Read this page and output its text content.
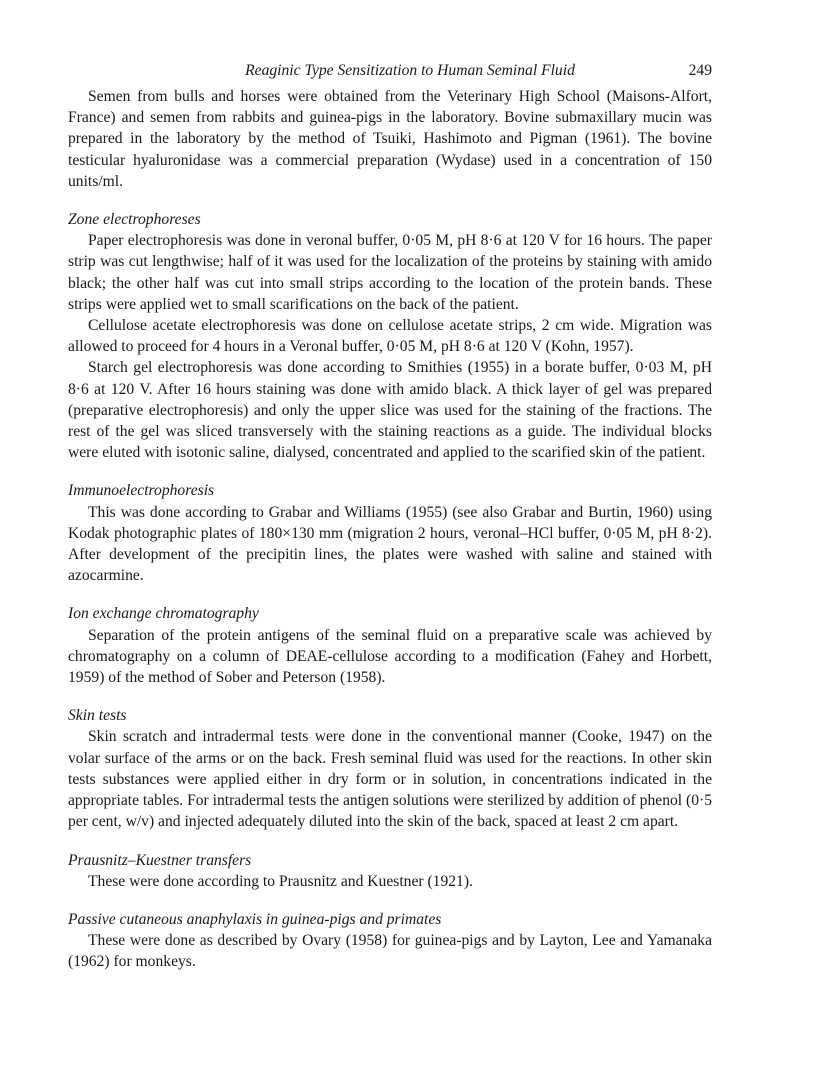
Reaginic Type Sensitization to Human Seminal Fluid	249

Semen from bulls and horses were obtained from the Veterinary High School (Maisons-Alfort, France) and semen from rabbits and guinea-pigs in the laboratory. Bovine submaxillary mucin was prepared in the laboratory by the method of Tsuiki, Hashimoto and Pigman (1961). The bovine testicular hyaluronidase was a commercial preparation (Wydase) used in a concentration of 150 units/ml.

Zone electrophoreses

Paper electrophoresis was done in veronal buffer, 0·05 M, pH 8·6 at 120 V for 16 hours. The paper strip was cut lengthwise; half of it was used for the localization of the proteins by staining with amido black; the other half was cut into small strips according to the location of the protein bands. These strips were applied wet to small scarifications on the back of the patient.

Cellulose acetate electrophoresis was done on cellulose acetate strips, 2 cm wide. Migration was allowed to proceed for 4 hours in a Veronal buffer, 0·05 M, pH 8·6 at 120 V (Kohn, 1957).

Starch gel electrophoresis was done according to Smithies (1955) in a borate buffer, 0·03 M, pH 8·6 at 120 V. After 16 hours staining was done with amido black. A thick layer of gel was prepared (preparative electrophoresis) and only the upper slice was used for the staining of the fractions. The rest of the gel was sliced transversely with the staining reactions as a guide. The individual blocks were eluted with isotonic saline, dialysed, concentrated and applied to the scarified skin of the patient.

Immunoelectrophoresis

This was done according to Grabar and Williams (1955) (see also Grabar and Burtin, 1960) using Kodak photographic plates of 180×130 mm (migration 2 hours, veronal–HCl buffer, 0·05 M, pH 8·2). After development of the precipitin lines, the plates were washed with saline and stained with azocarmine.

Ion exchange chromatography

Separation of the protein antigens of the seminal fluid on a preparative scale was achieved by chromatography on a column of DEAE-cellulose according to a modification (Fahey and Horbett, 1959) of the method of Sober and Peterson (1958).

Skin tests

Skin scratch and intradermal tests were done in the conventional manner (Cooke, 1947) on the volar surface of the arms or on the back. Fresh seminal fluid was used for the reactions. In other skin tests substances were applied either in dry form or in solution, in concentrations indicated in the appropriate tables. For intradermal tests the antigen solutions were sterilized by addition of phenol (0·5 per cent, w/v) and injected adequately diluted into the skin of the back, spaced at least 2 cm apart.

Prausnitz–Kuestner transfers

These were done according to Prausnitz and Kuestner (1921).

Passive cutaneous anaphylaxis in guinea-pigs and primates

These were done as described by Ovary (1958) for guinea-pigs and by Layton, Lee and Yamanaka (1962) for monkeys.
